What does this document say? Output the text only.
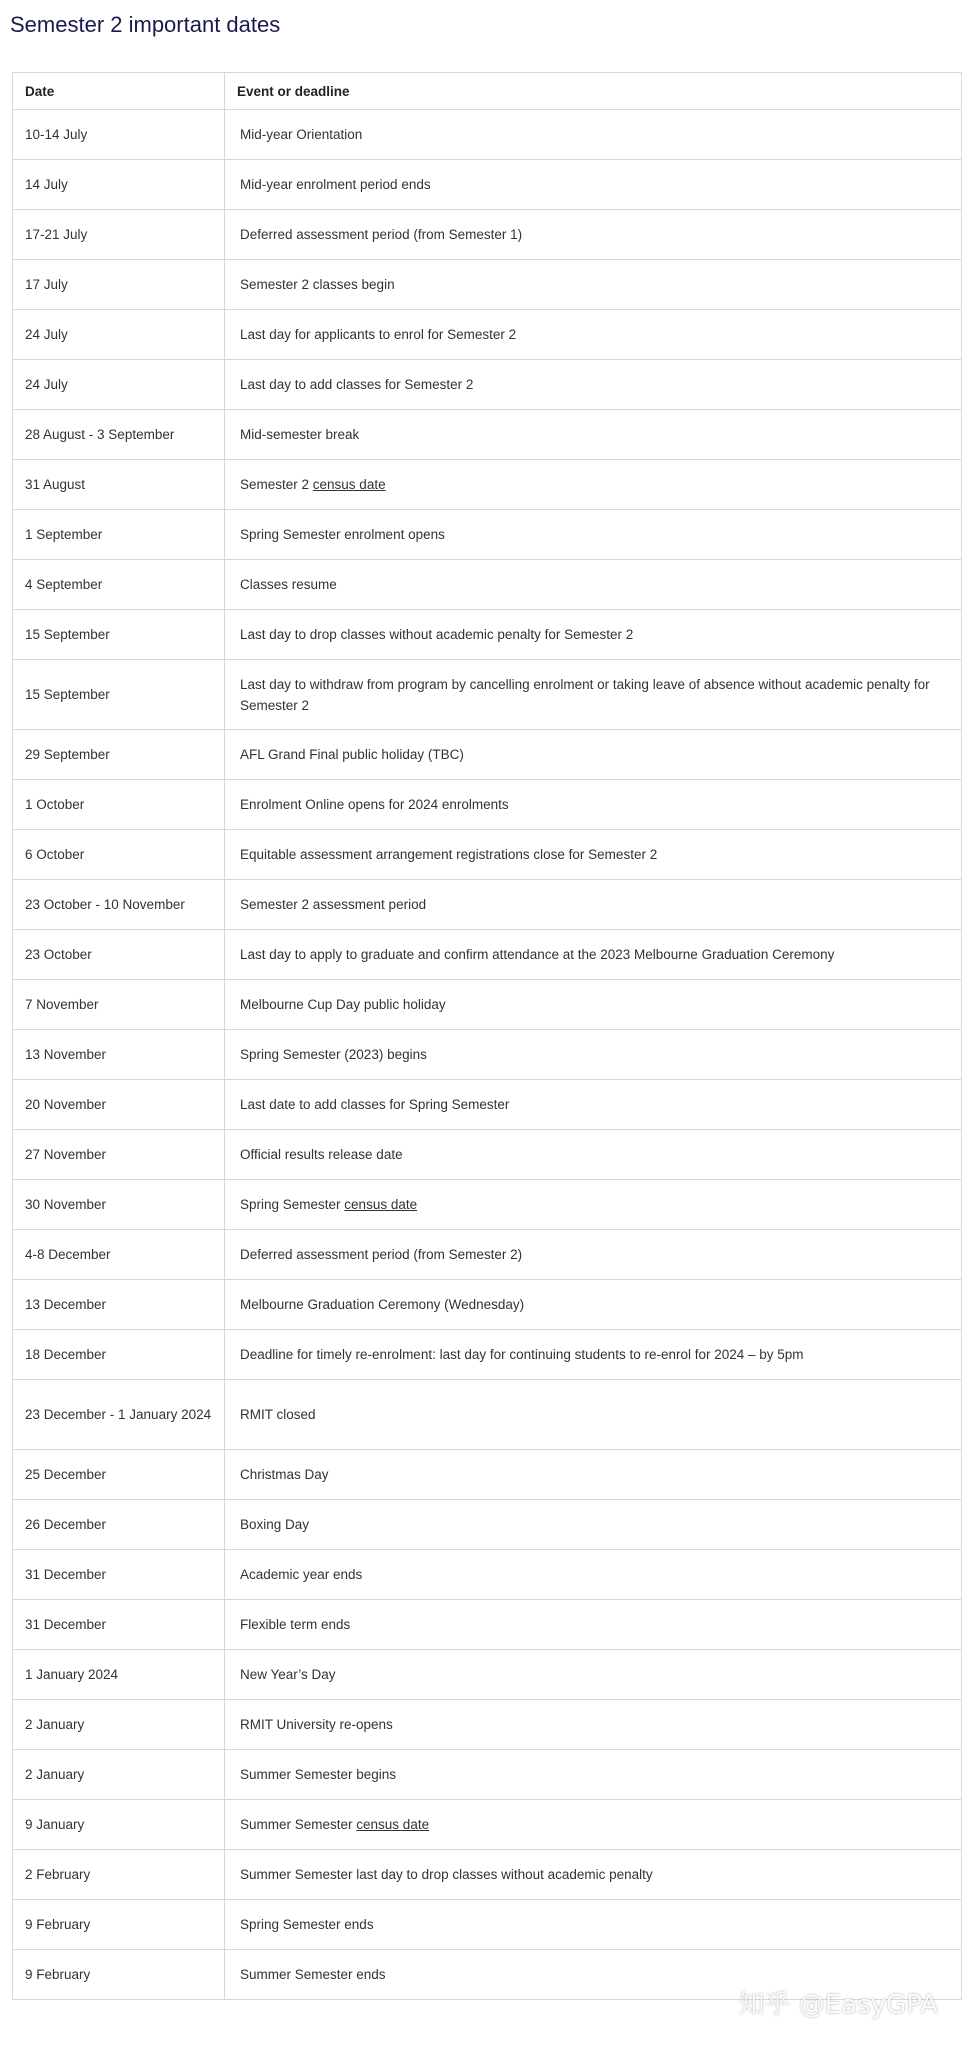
Semester 2 important dates
Date	Event or deadline
10-14 July	Mid-year Orientation
14 July	Mid-year enrolment period ends
17-21 July	Deferred assessment period (from Semester 1)
17 July	Semester 2 classes begin
24 July	Last day for applicants to enrol for Semester 2
24 July	Last day to add classes for Semester 2
28 August - 3 September	Mid-semester break
31 August	Semester 2 census date
1 September	Spring Semester enrolment opens
4 September	Classes resume
15 September	Last day to drop classes without academic penalty for Semester 2
15 September	Last day to withdraw from program by cancelling enrolment or taking leave of absence without academic penalty for Semester 2
29 September	AFL Grand Final public holiday (TBC)
1 October	Enrolment Online opens for 2024 enrolments
6 October	Equitable assessment arrangement registrations close for Semester 2
23 October - 10 November	Semester 2 assessment period
23 October	Last day to apply to graduate and confirm attendance at the 2023 Melbourne Graduation Ceremony
7 November	Melbourne Cup Day public holiday
13 November	Spring Semester (2023) begins
20 November	Last date to add classes for Spring Semester
27 November	Official results release date
30 November	Spring Semester census date
4-8 December	Deferred assessment period (from Semester 2)
13 December	Melbourne Graduation Ceremony (Wednesday)
18 December	Deadline for timely re-enrolment: last day for continuing students to re-enrol for 2024 – by 5pm
23 December - 1 January 2024	RMIT closed
25 December	Christmas Day
26 December	Boxing Day
31 December	Academic year ends
31 December	Flexible term ends
1 January 2024	New Year’s Day
2 January	RMIT University re-opens
2 January	Summer Semester begins
9 January	Summer Semester census date
2 February	Summer Semester last day to drop classes without academic penalty
9 February	Spring Semester ends
9 February	Summer Semester ends
知乎 @EasyGPA
